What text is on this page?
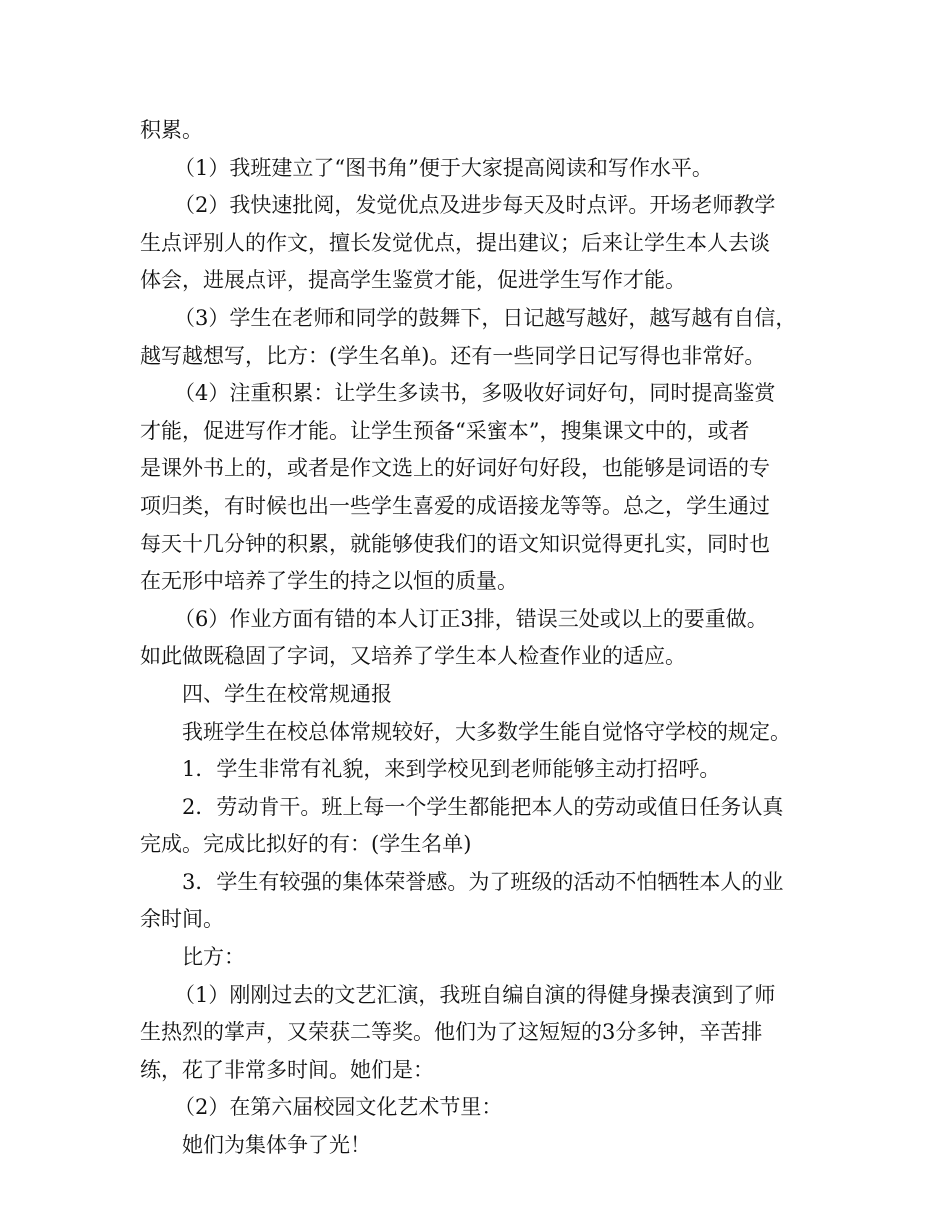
积累。
（1）我班建立了“图书角”便于大家提高阅读和写作水平。
（2）我快速批阅，发觉优点及进步每天及时点评。开场老师教学
生点评别人的作文，擅长发觉优点，提出建议；后来让学生本人去谈
体会，进展点评，提高学生鉴赏才能，促进学生写作才能。
（3）学生在老师和同学的鼓舞下，日记越写越好，越写越有自信，
越写越想写，比方：(学生名单)。还有一些同学日记写得也非常好。
（4）注重积累：让学生多读书，多吸收好词好句，同时提高鉴赏
才能，促进写作才能。让学生预备“采蜜本”，搜集课文中的，或者
是课外书上的，或者是作文选上的好词好句好段，也能够是词语的专
项归类，有时候也出一些学生喜爱的成语接龙等等。总之，学生通过
每天十几分钟的积累，就能够使我们的语文知识觉得更扎实，同时也
在无形中培养了学生的持之以恒的质量。
（6）作业方面有错的本人订正3排，错误三处或以上的要重做。
如此做既稳固了字词，又培养了学生本人检查作业的适应。
四、学生在校常规通报
我班学生在校总体常规较好，大多数学生能自觉恪守学校的规定。
1．学生非常有礼貌，来到学校见到老师能够主动打招呼。
2．劳动肯干。班上每一个学生都能把本人的劳动或值日任务认真
完成。完成比拟好的有：(学生名单)
3．学生有较强的集体荣誉感。为了班级的活动不怕牺牲本人的业
余时间。
比方：
（1）刚刚过去的文艺汇演，我班自编自演的得健身操表演到了师
生热烈的掌声，又荣获二等奖。他们为了这短短的3分多钟，辛苦排
练，花了非常多时间。她们是：
（2）在第六届校园文化艺术节里：
她们为集体争了光！
